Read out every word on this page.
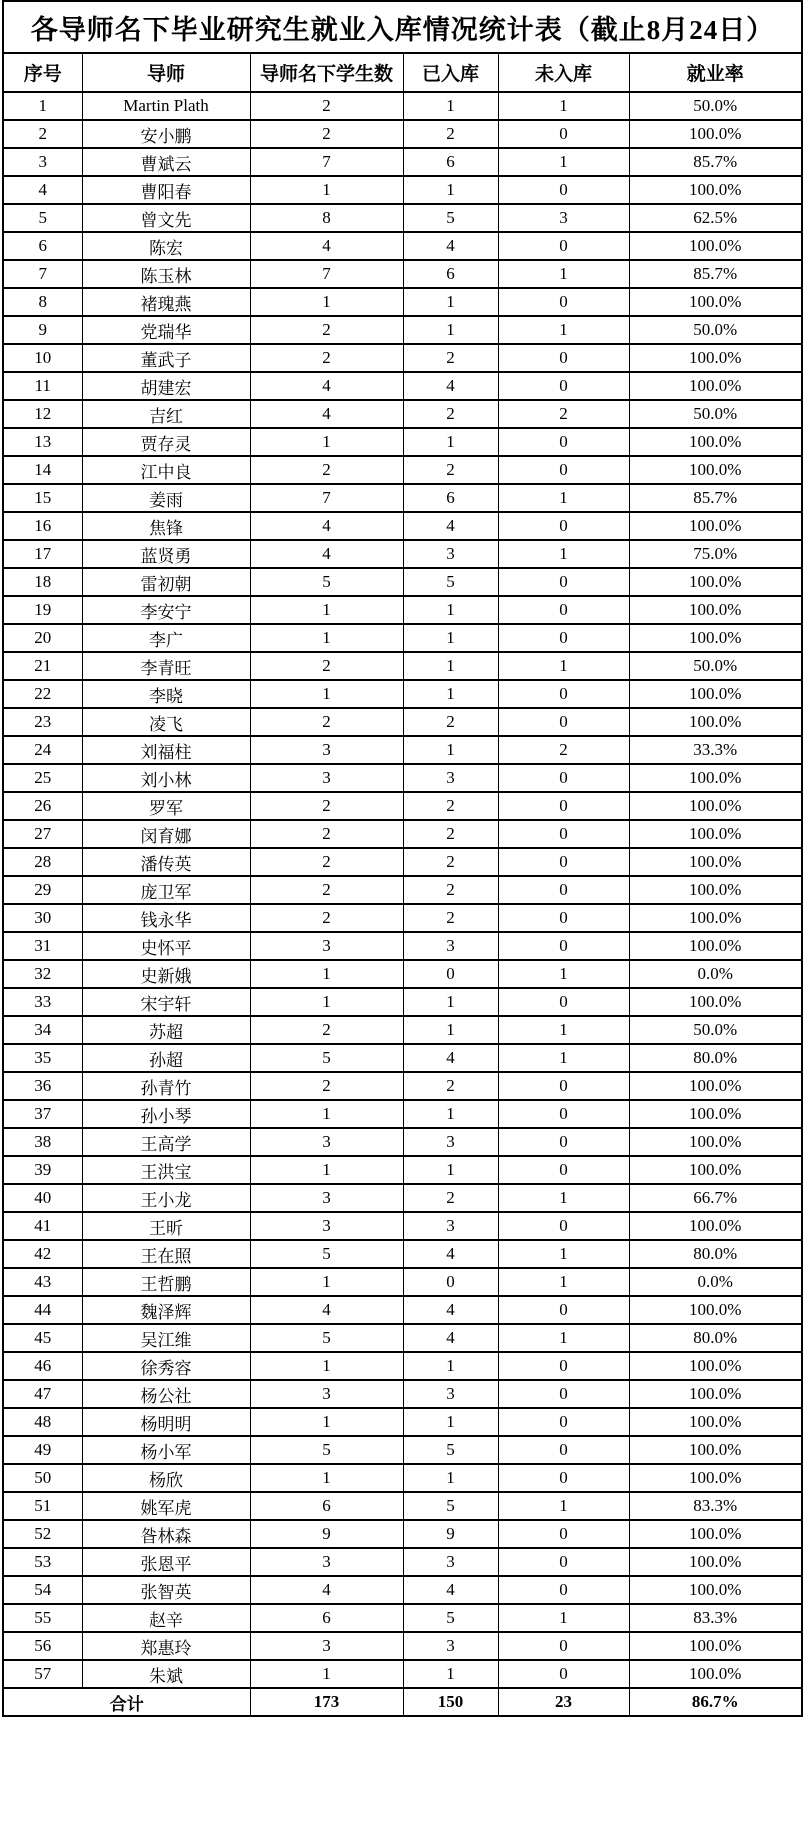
各导师名下毕业研究生就业入库情况统计表（截止8月24日）					
序号	导师	导师名下学生数	已入库	未入库	就业率
1	Martin Plath	2	1	1	50.0%
2	安小鹏	2	2	0	100.0%
3	曹斌云	7	6	1	85.7%
4	曹阳春	1	1	0	100.0%
5	曾文先	8	5	3	62.5%
6	陈宏	4	4	0	100.0%
7	陈玉林	7	6	1	85.7%
8	褚瑰燕	1	1	0	100.0%
9	党瑞华	2	1	1	50.0%
10	董武子	2	2	0	100.0%
11	胡建宏	4	4	0	100.0%
12	吉红	4	2	2	50.0%
13	贾存灵	1	1	0	100.0%
14	江中良	2	2	0	100.0%
15	姜雨	7	6	1	85.7%
16	焦锋	4	4	0	100.0%
17	蓝贤勇	4	3	1	75.0%
18	雷初朝	5	5	0	100.0%
19	李安宁	1	1	0	100.0%
20	李广	1	1	0	100.0%
21	李青旺	2	1	1	50.0%
22	李晓	1	1	0	100.0%
23	凌飞	2	2	0	100.0%
24	刘福柱	3	1	2	33.3%
25	刘小林	3	3	0	100.0%
26	罗军	2	2	0	100.0%
27	闵育娜	2	2	0	100.0%
28	潘传英	2	2	0	100.0%
29	庞卫军	2	2	0	100.0%
30	钱永华	2	2	0	100.0%
31	史怀平	3	3	0	100.0%
32	史新娥	1	0	1	0.0%
33	宋宇轩	1	1	0	100.0%
34	苏超	2	1	1	50.0%
35	孙超	5	4	1	80.0%
36	孙青竹	2	2	0	100.0%
37	孙小琴	1	1	0	100.0%
38	王高学	3	3	0	100.0%
39	王洪宝	1	1	0	100.0%
40	王小龙	3	2	1	66.7%
41	王昕	3	3	0	100.0%
42	王在照	5	4	1	80.0%
43	王哲鹏	1	0	1	0.0%
44	魏泽辉	4	4	0	100.0%
45	吴江维	5	4	1	80.0%
46	徐秀容	1	1	0	100.0%
47	杨公社	3	3	0	100.0%
48	杨明明	1	1	0	100.0%
49	杨小军	5	5	0	100.0%
50	杨欣	1	1	0	100.0%
51	姚军虎	6	5	1	83.3%
52	昝林森	9	9	0	100.0%
53	张恩平	3	3	0	100.0%
54	张智英	4	4	0	100.0%
55	赵辛	6	5	1	83.3%
56	郑惠玲	3	3	0	100.0%
57	朱斌	1	1	0	100.0%
合计		173	150	23	86.7%
